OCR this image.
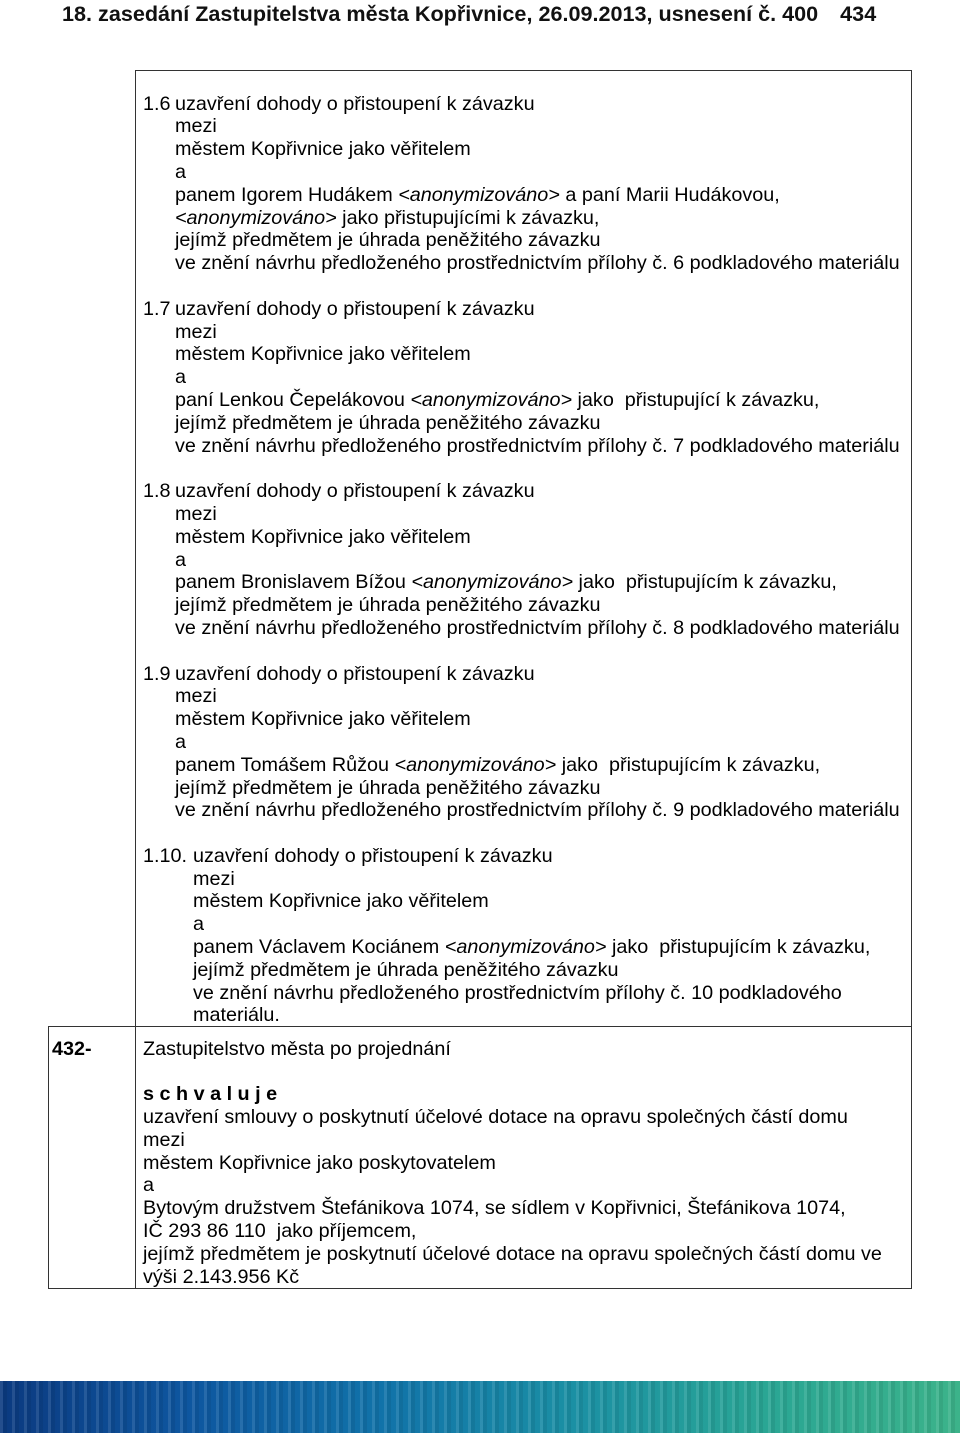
18. zasedání Zastupitelstva města Kopřivnice, 26.09.2013, usnesení č. 400 434
1.6 uzavření dohody o přistoupení k závazku
mezi
městem Kopřivnice jako věřitelem
a
panem Igorem Hudákem <anonymizováno> a paní Marii Hudákovou,
<anonymizováno> jako přistupujícími k závazku,
jejímž předmětem je úhrada peněžitého závazku
ve znění návrhu předloženého prostřednictvím přílohy č. 6 podkladového materiálu
1.7 uzavření dohody o přistoupení k závazku
mezi
městem Kopřivnice jako věřitelem
a
paní Lenkou Čepelákovou <anonymizováno> jako  přistupující k závazku,
jejímž předmětem je úhrada peněžitého závazku
ve znění návrhu předloženého prostřednictvím přílohy č. 7 podkladového materiálu
1.8 uzavření dohody o přistoupení k závazku
mezi
městem Kopřivnice jako věřitelem
a
panem Bronislavem Bížou <anonymizováno> jako  přistupujícím k závazku,
jejímž předmětem je úhrada peněžitého závazku
ve znění návrhu předloženého prostřednictvím přílohy č. 8 podkladového materiálu
1.9 uzavření dohody o přistoupení k závazku
mezi
městem Kopřivnice jako věřitelem
a
panem Tomášem Růžou <anonymizováno> jako  přistupujícím k závazku,
jejímž předmětem je úhrada peněžitého závazku
ve znění návrhu předloženého prostřednictvím přílohy č. 9 podkladového materiálu
1.10. uzavření dohody o přistoupení k závazku
mezi
městem Kopřivnice jako věřitelem
a
panem Václavem Kociánem <anonymizováno> jako  přistupujícím k závazku,
jejímž předmětem je úhrada peněžitého závazku
ve znění návrhu předloženého prostřednictvím přílohy č. 10 podkladového
materiálu.
432-	Zastupitelstvo města po projednání
s c h v a l u j e
uzavření smlouvy o poskytnutí účelové dotace na opravu společných částí domu
mezi
městem Kopřivnice jako poskytovatelem
a
Bytovým družstvem Štefánikova 1074, se sídlem v Kopřivnici, Štefánikova 1074,
IČ 293 86 110  jako příjemcem,
jejímž předmětem je poskytnutí účelové dotace na opravu společných částí domu ve
výši 2.143.956 Kč
